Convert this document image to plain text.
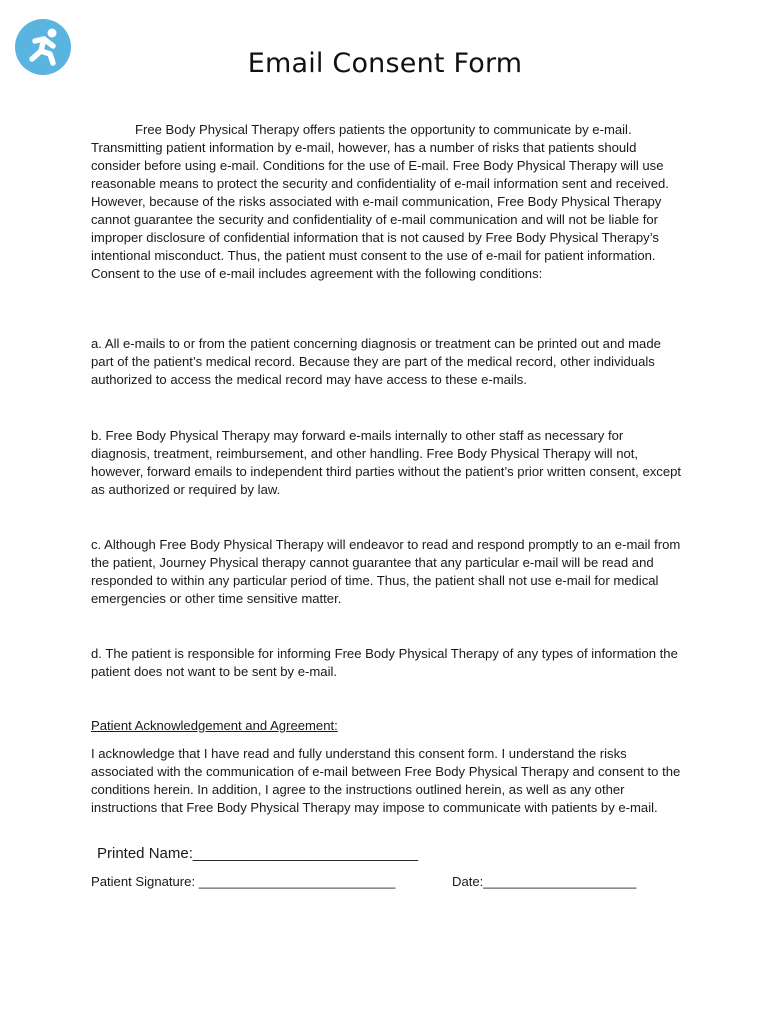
Email Consent Form

Free Body Physical Therapy offers patients the opportunity to communicate by e-mail. Transmitting patient information by e-mail, however, has a number of risks that patients should consider before using e-mail. Conditions for the use of E-mail. Free Body Physical Therapy will use reasonable means to protect the security and confidentiality of e-mail information sent and received. However, because of the risks associated with e-mail communication, Free Body Physical Therapy cannot guarantee the security and confidentiality of e-mail communication and will not be liable for improper disclosure of confidential information that is not caused by Free Body Physical Therapy’s intentional misconduct. Thus, the patient must consent to the use of e-mail for patient information. Consent to the use of e-mail includes agreement with the following conditions:

a. All e-mails to or from the patient concerning diagnosis or treatment can be printed out and made part of the patient’s medical record. Because they are part of the medical record, other individuals authorized to access the medical record may have access to these e-mails.

b. Free Body Physical Therapy may forward e-mails internally to other staff as necessary for diagnosis, treatment, reimbursement, and other handling. Free Body Physical Therapy will not, however, forward emails to independent third parties without the patient’s prior written consent, except as authorized or required by law.

c. Although Free Body Physical Therapy will endeavor to read and respond promptly to an e-mail from the patient, Journey Physical therapy cannot guarantee that any particular e-mail will be read and responded to within any particular period of time. Thus, the patient shall not use e-mail for medical emergencies or other time sensitive matter.

d. The patient is responsible for informing Free Body Physical Therapy of any types of information the patient does not want to be sent by e-mail.

Patient Acknowledgement and Agreement:

I acknowledge that I have read and fully understand this consent form. I understand the risks associated with the communication of e-mail between Free Body Physical Therapy and consent to the conditions herein. In addition, I agree to the instructions outlined herein, as well as any other instructions that Free Body Physical Therapy may impose to communicate with patients by e-mail.

Printed Name:___________________________
Patient Signature: ___________________________	Date:_____________________
